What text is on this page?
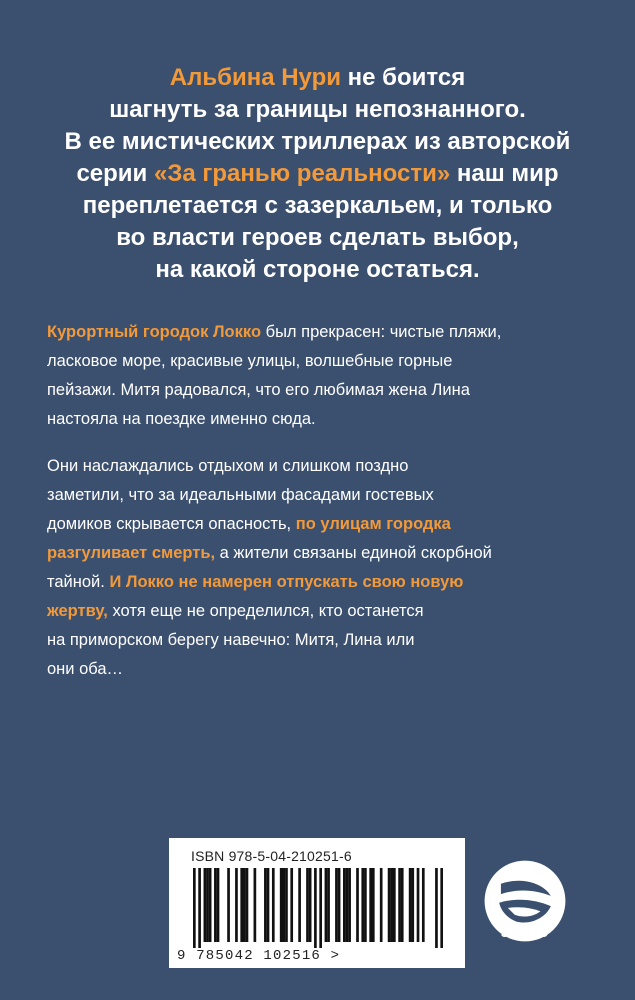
Альбина Нури не боится
шагнуть за границы непознанного.
В ее мистических триллерах из авторской
серии «За гранью реальности» наш мир
переплетается с зазеркальем, и только
во власти героев сделать выбор,
на какой стороне остаться.
Курортный городок Локко был прекрасен: чистые пляжи,
ласковое море, красивые улицы, волшебные горные
пейзажи. Митя радовался, что его любимая жена Лина
настояла на поездке именно сюда.
Они наслаждались отдыхом и слишком поздно
заметили, что за идеальными фасадами гостевых
домиков скрывается опасность, по улицам городка
разгуливает смерть, а жители связаны единой скорбной
тайной. И Локко не намерен отпускать свою новую
жертву, хотя еще не определился, кто останется
на приморском берегу навечно: Митя, Лина или
они оба…
ISBN 978-5-04-210251-6
9 785042 102516 >
ЭКСМО
